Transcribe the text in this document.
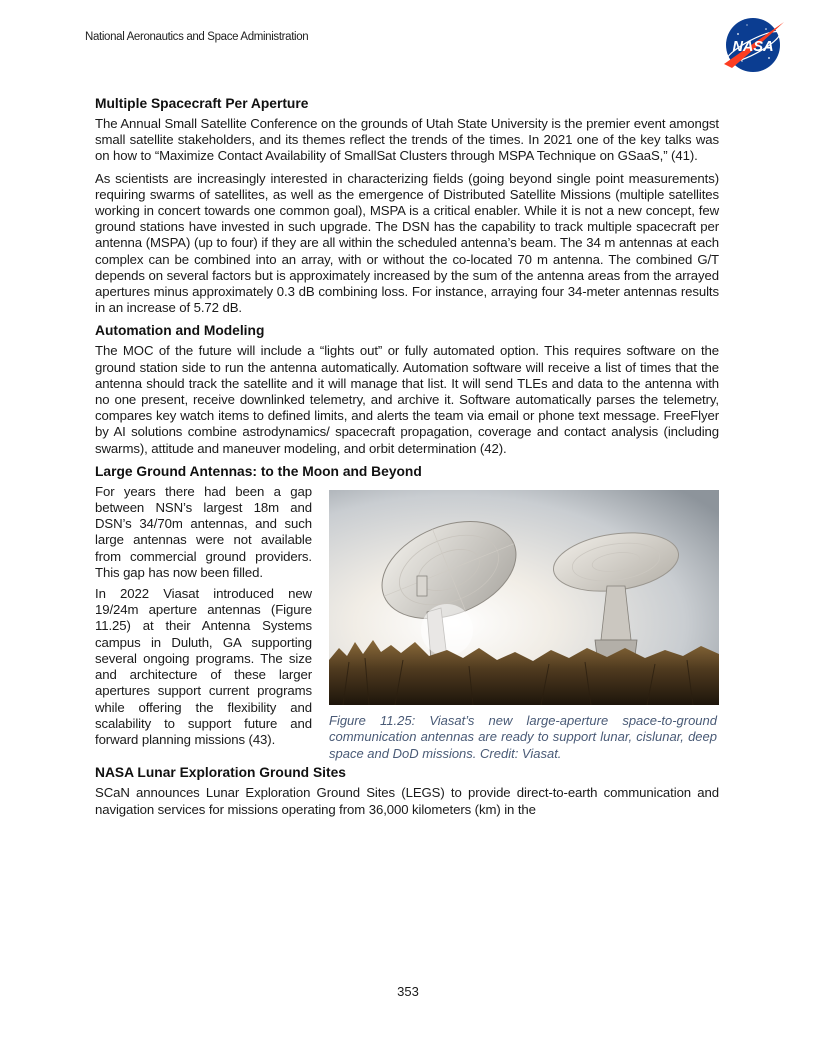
National Aeronautics and Space Administration
NASA
Multiple Spacecraft Per Aperture

The Annual Small Satellite Conference on the grounds of Utah State University is the premier event amongst small satellite stakeholders, and its themes reflect the trends of the times. In 2021 one of the key talks was on how to “Maximize Contact Availability of SmallSat Clusters through MSPA Technique on GSaaS,” (41).

As scientists are increasingly interested in characterizing fields (going beyond single point measurements) requiring swarms of satellites, as well as the emergence of Distributed Satellite Missions (multiple satellites working in concert towards one common goal), MSPA is a critical enabler. While it is not a new concept, few ground stations have invested in such upgrade. The DSN has the capability to track multiple spacecraft per antenna (MSPA) (up to four) if they are all within the scheduled antenna’s beam. The 34 m antennas at each complex can be combined into an array, with or without the co-located 70 m antenna. The combined G/T depends on several factors but is approximately increased by the sum of the antenna areas from the arrayed apertures minus approximately 0.3 dB combining loss. For instance, arraying four 34-meter antennas results in an increase of 5.72 dB.

Automation and Modeling

The MOC of the future will include a “lights out” or fully automated option. This requires software on the ground station side to run the antenna automatically. Automation software will receive a list of times that the antenna should track the satellite and it will manage that list. It will send TLEs and data to the antenna with no one present, receive downlinked telemetry, and archive it. Software automatically parses the telemetry, compares key watch items to defined limits, and alerts the team via email or phone text message. FreeFlyer by AI solutions combine astrodynamics/ spacecraft propagation, coverage and contact analysis (including swarms), attitude and maneuver modeling, and orbit determination (42).

Large Ground Antennas: to the Moon and Beyond
Figure 11.25: Viasat’s new large-aperture space-to-ground communication antennas are ready to support lunar, cislunar, deep space and DoD missions. Credit: Viasat.

For years there had been a gap between NSN’s largest 18m and DSN’s 34/70m antennas, and such large antennas were not available from commercial ground providers. This gap has now been filled.

In 2022 Viasat introduced new 19/24m aperture antennas (Figure 11.25) at their Antenna Systems campus in Duluth, GA supporting several ongoing programs. The size and architecture of these larger apertures support current programs while offering the flexibility and scalability to support future and forward planning missions (43).

NASA Lunar Exploration Ground Sites

SCaN announces Lunar Exploration Ground Sites (LEGS) to provide direct-to-earth communication and navigation services for missions operating from 36,000 kilometers (km) in the

353
